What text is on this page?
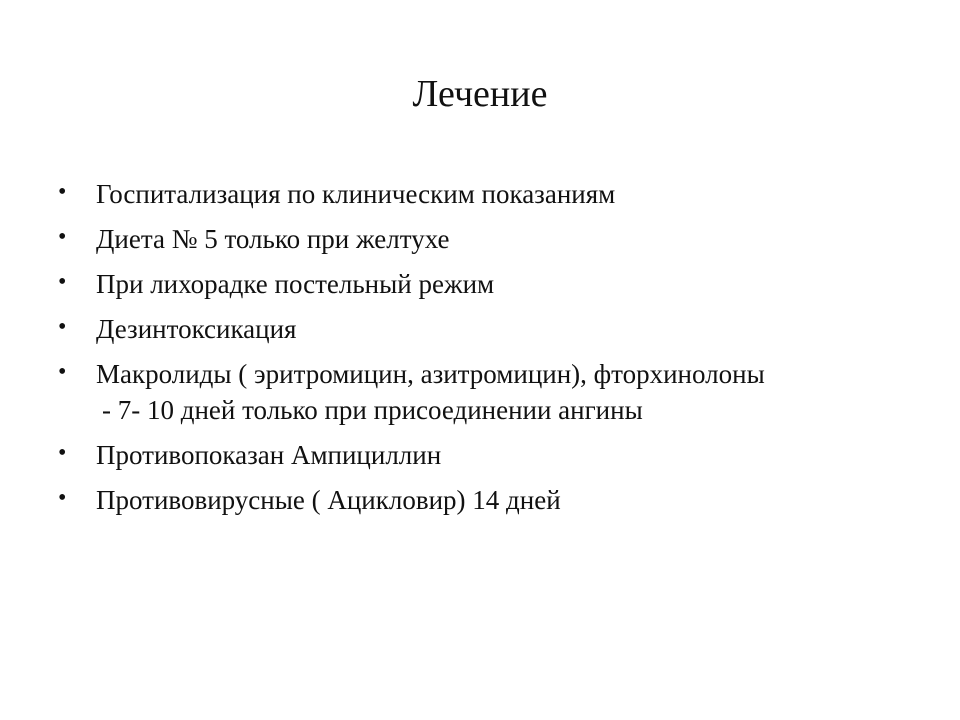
Лечение
•	Госпитализация по клиническим показаниям
•	Диета № 5 только при желтухе
•	При лихорадке постельный режим
•	Дезинтоксикация
•	Макролиды ( эритромицин, азитромицин), фторхинолоны
- 7- 10 дней только при присоединении ангины
•	Противопоказан Ампициллин
•	Противовирусные ( Ацикловир) 14 дней
